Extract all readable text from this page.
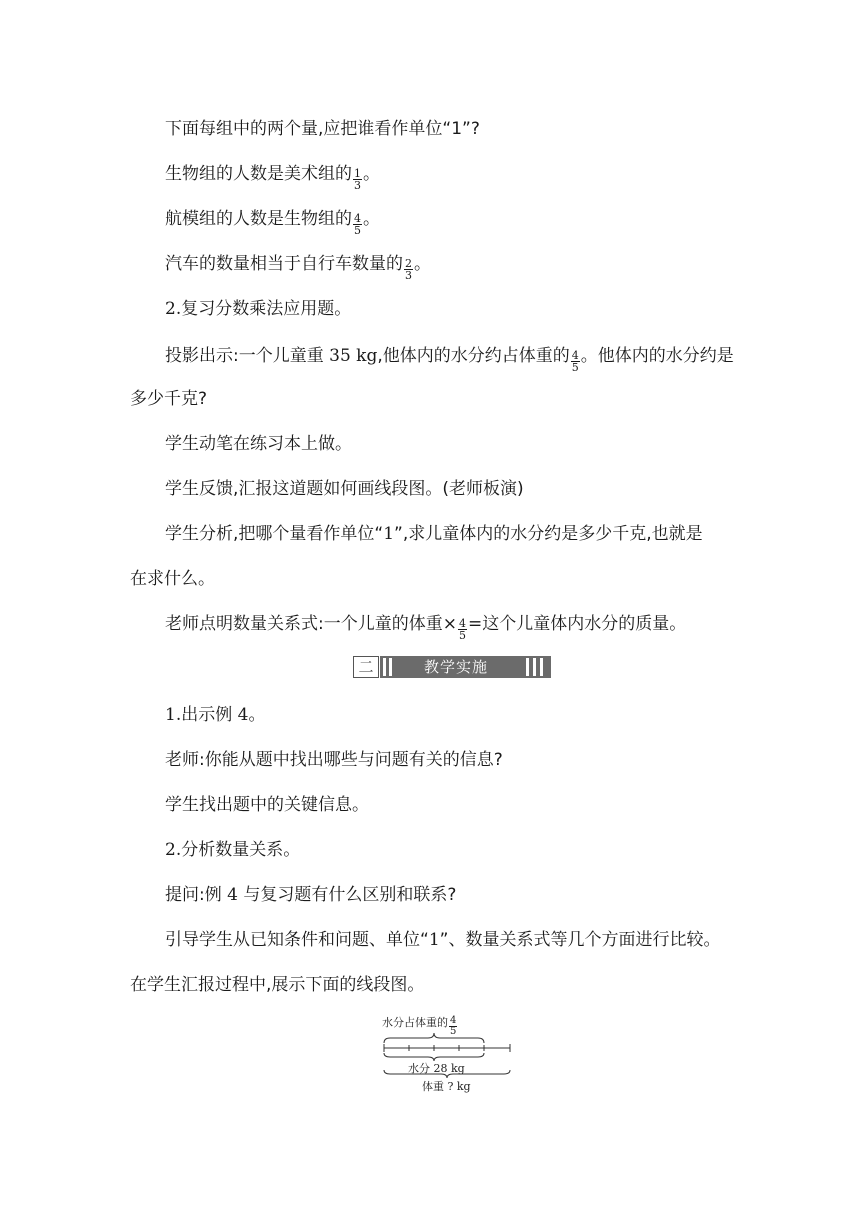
下面每组中的两个量,应把谁看作单位“1”?
生物组的人数是美术组的 $\frac{1}{3}$ 。
航模组的人数是生物组的 $\frac{4}{5}$ 。
汽车的数量相当于自行车数量的 $\frac{2}{3}$ 。
2.复习分数乘法应用题。
投影出示:一个儿童重 35 kg,他体内的水分约占体重的 $\frac{4}{5}$ 。他体内的水分约是
多少千克?
学生动笔在练习本上做。
学生反馈,汇报这道题如何画线段图。(老师板演)
学生分析,把哪个量看作单位“1”,求儿童体内的水分约是多少千克,也就是
在求什么。
老师点明数量关系式:一个儿童的体重× $\frac{4}{5}$ =这个儿童体内水分的质量。
二	教学实施
1.出示例 4。
老师:你能从题中找出哪些与问题有关的信息?
学生找出题中的关键信息。
2.分析数量关系。
提问:例 4 与复习题有什么区别和联系?
引导学生从已知条件和问题、单位“1”、数量关系式等几个方面进行比较。
在学生汇报过程中,展示下面的线段图。
水分占体重的 $\frac{4}{5}$
水分 28 kg
体重 ? kg
